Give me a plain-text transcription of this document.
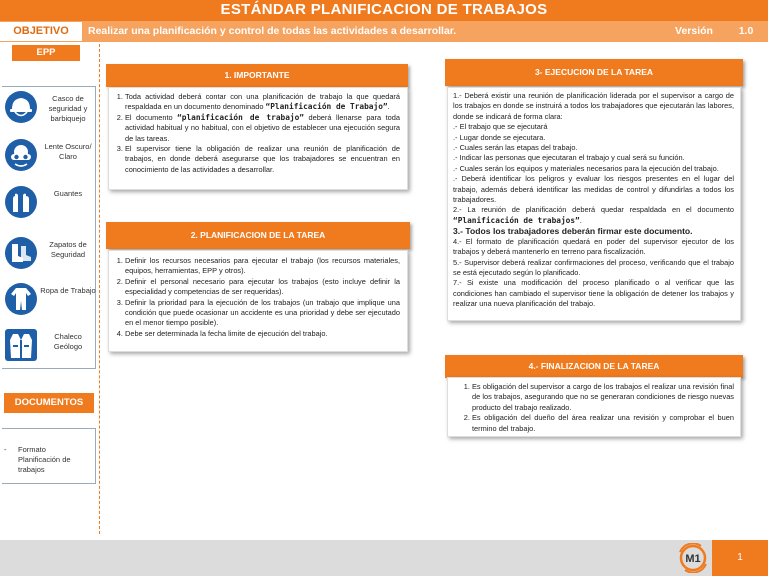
ESTÁNDAR PLANIFICACION DE TRABAJOS
OBJETIVO	Realizar una planificación y control de todas las actividades a desarrollar.	Versión	1.0
EPP
Casco de seguridad y barbiquejo
Lente Oscuro/ Claro
Guantes
Zapatos de Seguridad
Ropa de Trabajo
Chaleco Geólogo
DOCUMENTOS
-	Formato Planificación de trabajos
1. IMPORTANTE
1. Toda actividad deberá contar con una planificación de trabajo la que quedará respaldada en un documento denominado “Planificación de Trabajo”.
2. El documento “planificación de trabajo” deberá llenarse para toda actividad habitual y no habitual, con el objetivo de establecer una ejecución segura de las tareas.
3. El supervisor tiene la obligación de realizar una reunión de planificación de trabajos, en donde deberá asegurarse que los trabajadores se encuentran en conocimiento de las actividades a desarrollar.
2. PLANIFICACION DE LA TAREA
1. Definir los recursos necesarios para ejecutar el trabajo (los recursos materiales, equipos, herramientas, EPP y otros).
2. Definir el personal necesario para ejecutar los trabajos (esto incluye definir la especialidad y competencias de ser requeridas).
3. Definir la prioridad para la ejecución de los trabajos (un trabajo que implique una condición que puede ocasionar un accidente es una prioridad y debe ser ejecutado en el menor tiempo posible).
4. Debe ser determinada la fecha limite de ejecución del trabajo.
3- EJECUCION DE LA TAREA

1.- Deberá existir una reunión de planificación liderada por el supervisor a cargo de los trabajos en donde se instruirá a todos los trabajadores que ejecutarán las labores, donde se indicará de forma clara:

.- El trabajo que se ejecutará

.- Lugar donde se ejecutara.

.- Cuales serán las etapas del trabajo.

.- Indicar las personas que ejecutaran el trabajo y cual será su función.

.- Cuales serán los equipos y materiales necesarios para la ejecución del trabajo.

.- Deberá identificar los peligros y evaluar los riesgos presentes en el lugar del trabajo, además deberá identificar las medidas de control y difundirlas a todos los trabajadores.

2.- La reunión de planificación deberá quedar respaldada en el documento “Planificación de trabajos”.

3.- Todos los trabajadores deberán firmar este documento.

4.- El formato de planificación quedará en poder del supervisor ejecutor de los trabajos y deberá mantenerlo en terreno para fiscalización.

5.- Supervisor deberá realizar confirmaciones del proceso, verificando que el trabajo se está ejecutado según lo planificado.

7.- Si existe una modificación del proceso planificado o al verificar que las condiciones han cambiado el supervisor tiene la obligación de detener los trabajos y realizar una nueva planificación del trabajo.

4.- FINALIZACION DE LA TAREA
1. Es obligación del supervisor a cargo de los trabajos el realizar una revisión final de los trabajos, asegurando que no se generaran condiciones de riesgo nuevas producto del trabajo realizado.
2. Es obligación del dueño del área realizar una revisión y comprobar el buen termino del trabajo.
M1	1
